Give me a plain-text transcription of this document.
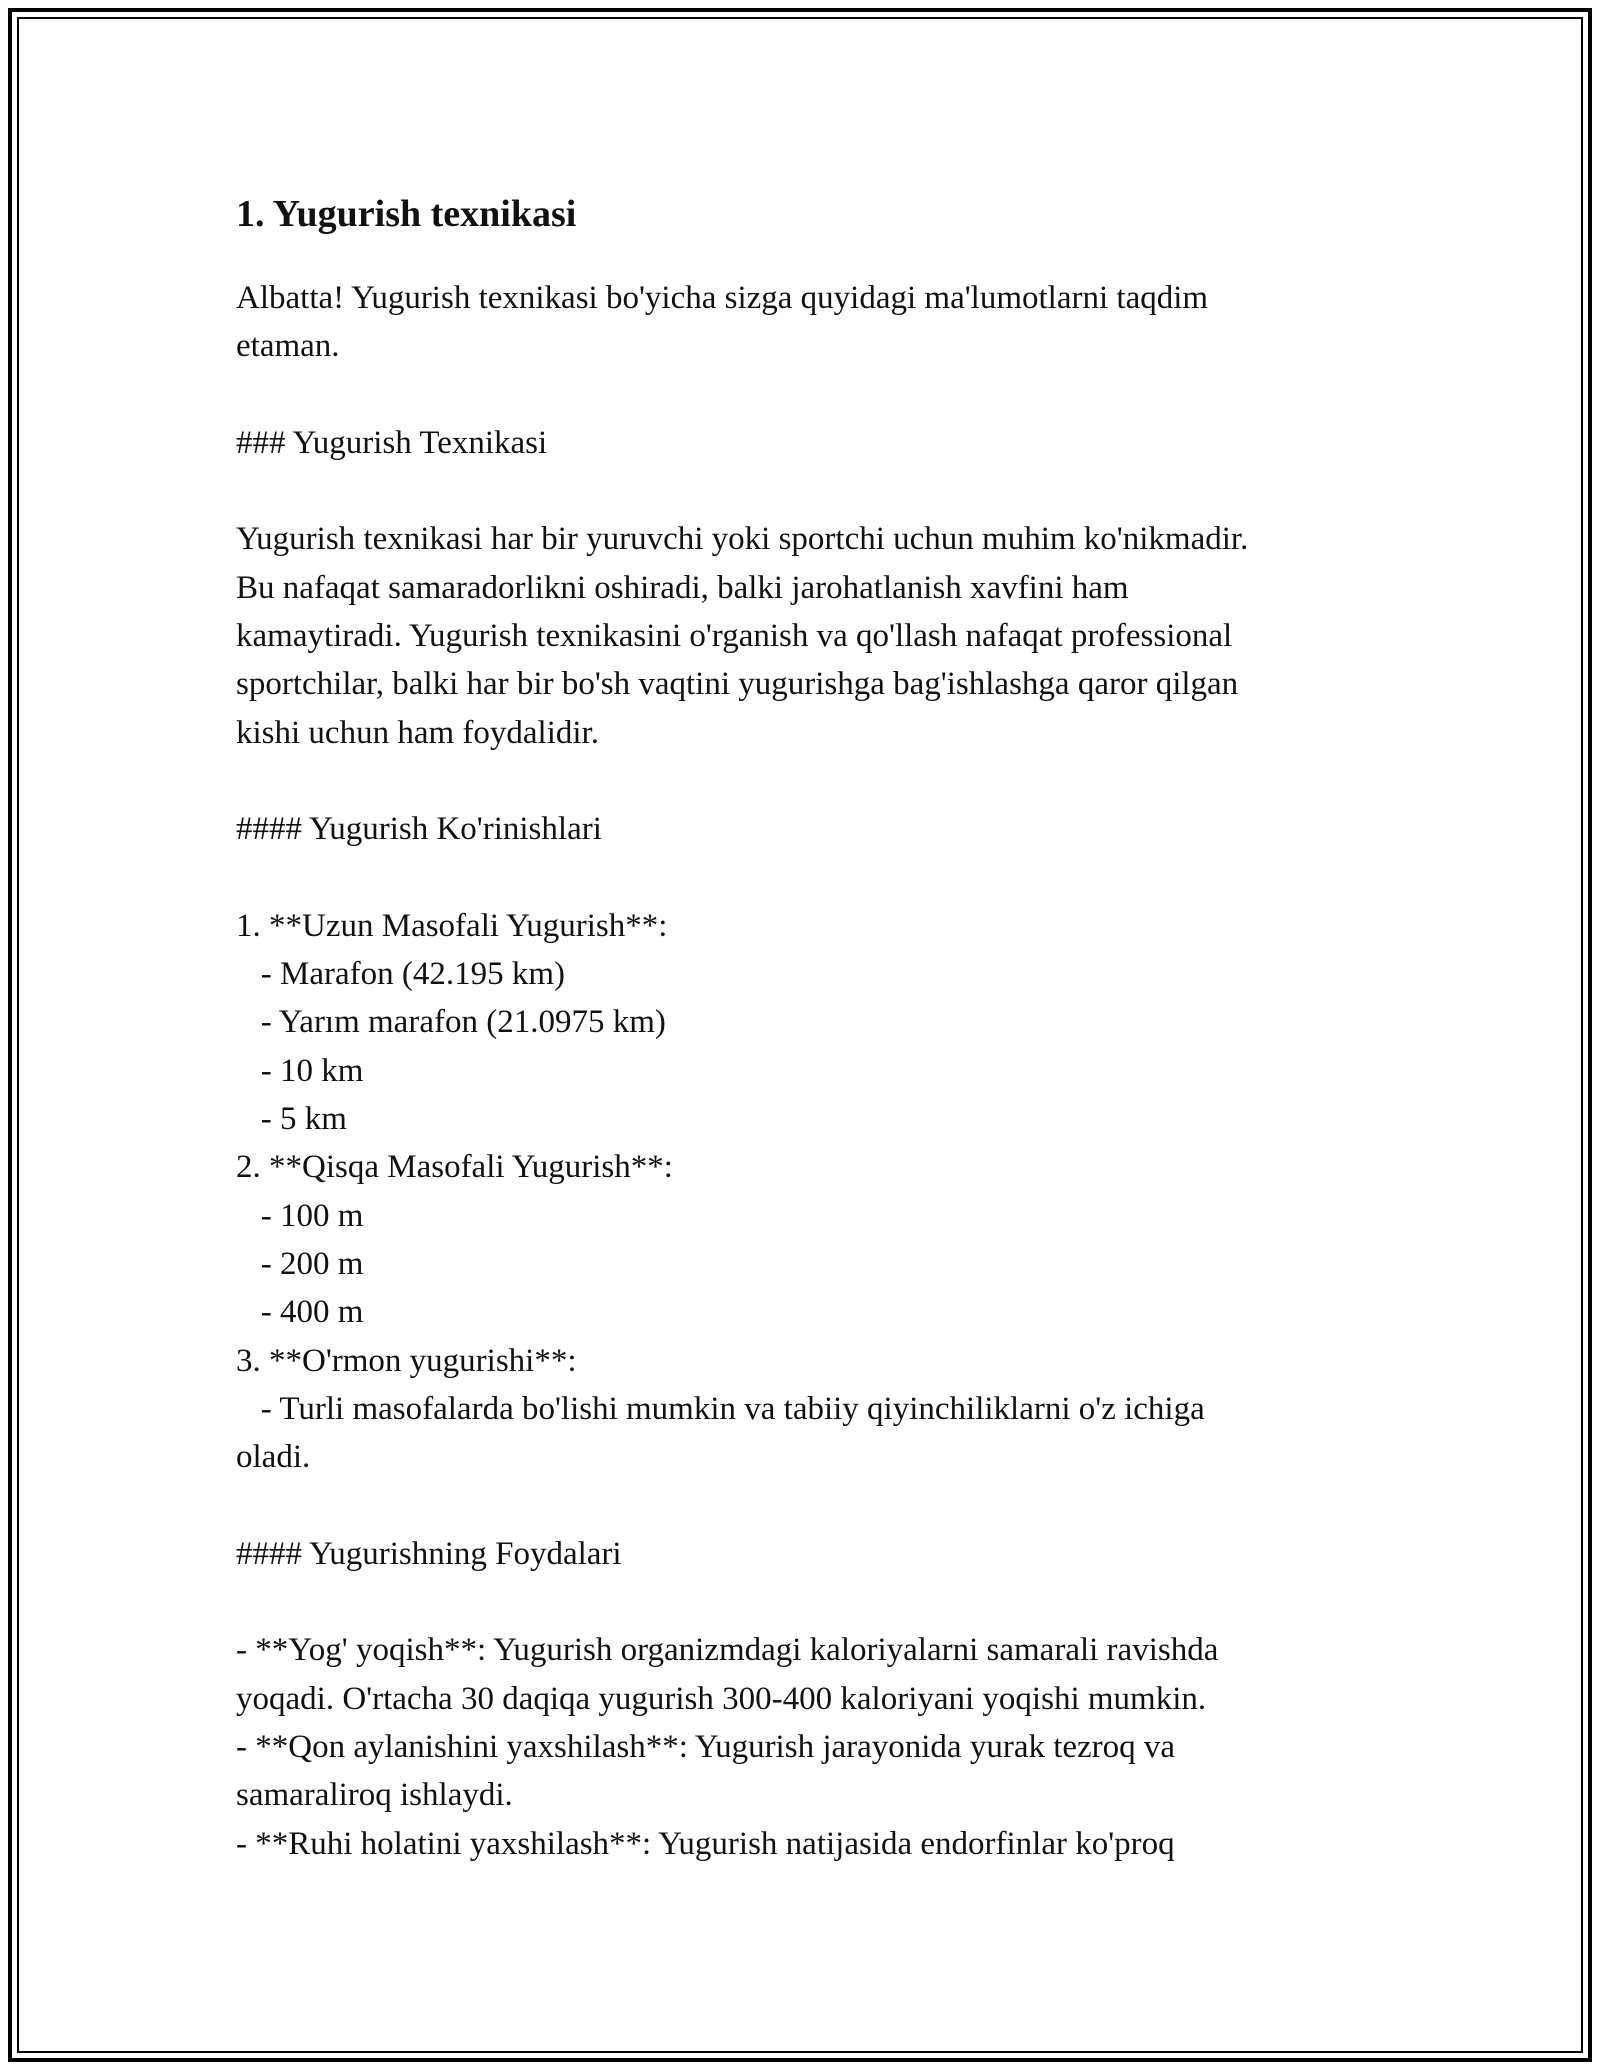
1. Yugurish texnikasi

Albatta! Yugurish texnikasi bo'yicha sizga quyidagi ma'lumotlarni taqdim

etaman.

### Yugurish Texnikasi

Yugurish texnikasi har bir yuruvchi yoki sportchi uchun muhim ko'nikmadir.

Bu nafaqat samaradorlikni oshiradi, balki jarohatlanish xavfini ham

kamaytiradi. Yugurish texnikasini o'rganish va qo'llash nafaqat professional

sportchilar, balki har bir bo'sh vaqtini yugurishga bag'ishlashga qaror qilgan

kishi uchun ham foydalidir.

#### Yugurish Ko'rinishlari

1. **Uzun Masofali Yugurish**:

- Marafon (42.195 km)

- Yarım marafon (21.0975 km)

- 10 km

- 5 km

2. **Qisqa Masofali Yugurish**:

- 100 m

- 200 m

- 400 m

3. **O'rmon yugurishi**:

- Turli masofalarda bo'lishi mumkin va tabiiy qiyinchiliklarni o'z ichiga

oladi.

#### Yugurishning Foydalari

- **Yog' yoqish**: Yugurish organizmdagi kaloriyalarni samarali ravishda

yoqadi. O'rtacha 30 daqiqa yugurish 300-400 kaloriyani yoqishi mumkin.

- **Qon aylanishini yaxshilash**: Yugurish jarayonida yurak tezroq va

samaraliroq ishlaydi.

- **Ruhi holatini yaxshilash**: Yugurish natijasida endorfinlar ko'proq
